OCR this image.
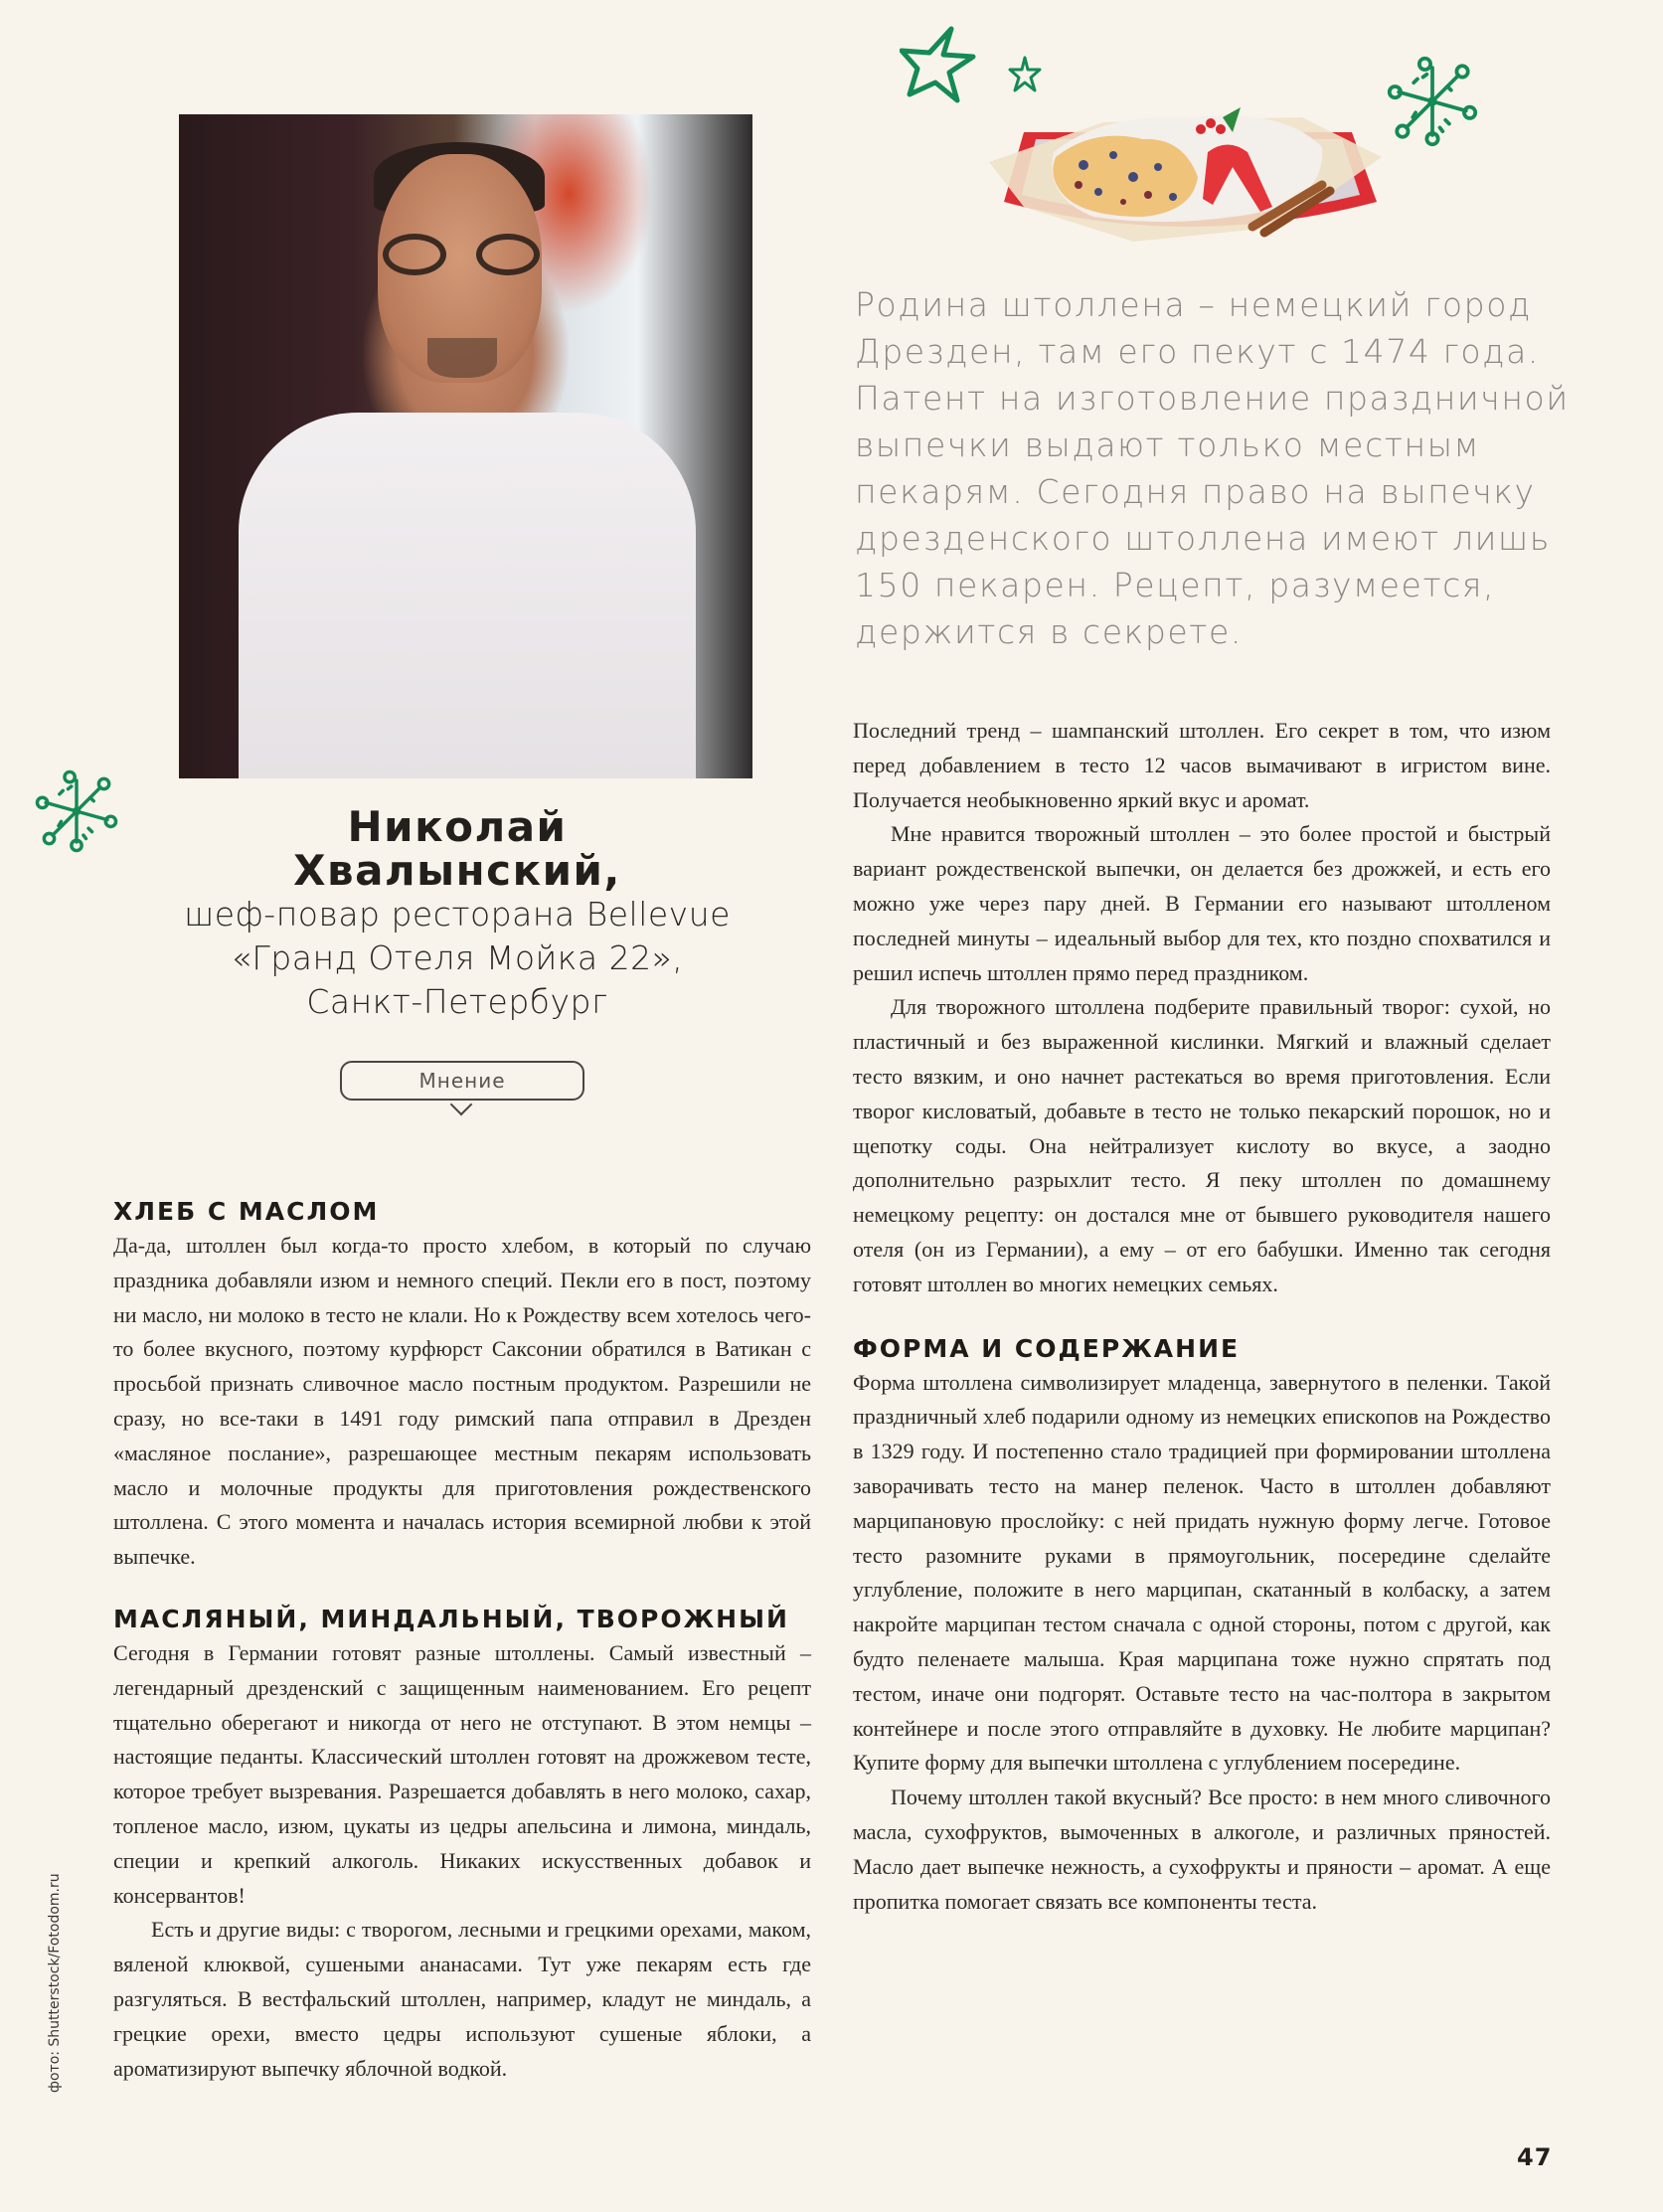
Родина штоллена – немецкий город
Дрезден, там его пекут с 1474 года.
Патент на изготовление праздничной
выпечки выдают только местным
пекарям. Сегодня право на выпечку
дрезденского штоллена имеют лишь
150 пекарен. Рецепт, разумеется,
держится в секрете.
Николай
Хвалынский,
шеф-повар ресторана Bellevue
«Гранд Отеля Мойка 22»,
Санкт-Петербург
Мнение
ХЛЕБ С МАСЛОМ

Да-да, штоллен был когда-то просто хлебом, в который по случаю праздника добавляли изюм и немного специй. Пекли его в пост, поэтому ни масло, ни молоко в тесто не клали. Но к Рождеству всем хотелось чего-то более вкусного, поэтому курфюрст Саксонии обратился в Ватикан с просьбой признать сливочное масло постным продуктом. Разрешили не сразу, но все-таки в 1491 году римский папа отправил в Дрезден «масляное послание», разрешающее местным пекарям использовать масло и молочные продукты для приготовления рождественского штоллена. С этого момента и началась история всемирной любви к этой выпечке.

МАСЛЯНЫЙ, МИНДАЛЬНЫЙ, ТВОРОЖНЫЙ

Сегодня в Германии готовят разные штоллены. Самый известный – легендарный дрезденский с защищенным наименованием. Его рецепт тщательно оберегают и никогда от него не отступают. В этом немцы – настоящие педанты. Классический штоллен готовят на дрожжевом тесте, которое требует вызревания. Разрешается добавлять в него молоко, сахар, топленое масло, изюм, цукаты из цедры апельсина и лимона, миндаль, специи и крепкий алкоголь. Никаких искусственных добавок и консервантов!

Есть и другие виды: с творогом, лесными и грецкими орехами, маком, вяленой клюквой, сушеными ананасами. Тут уже пекарям есть где разгуляться. В вестфальский штоллен, например, кладут не миндаль, а грецкие орехи, вместо цедры используют сушеные яблоки, а ароматизируют выпечку яблочной водкой.

Последний тренд – шампанский штоллен. Его секрет в том, что изюм перед добавлением в тесто 12 часов вымачивают в игристом вине. Получается необыкновенно яркий вкус и аромат.

Мне нравится творожный штоллен – это более простой и быстрый вариант рождественской выпечки, он делается без дрожжей, и есть его можно уже через пару дней. В Германии его называют штолленом последней минуты – идеальный выбор для тех, кто поздно спохватился и решил испечь штоллен прямо перед праздником.

Для творожного штоллена подберите правильный творог: сухой, но пластичный и без выраженной кислинки. Мягкий и влажный сделает тесто вязким, и оно начнет растекаться во время приготовления. Если творог кисловатый, добавьте в тесто не только пекарский порошок, но и щепотку соды. Она нейтрализует кислоту во вкусе, а заодно дополнительно разрыхлит тесто. Я пеку штоллен по домашнему немецкому рецепту: он достался мне от бывшего руководителя нашего отеля (он из Германии), а ему – от его бабушки. Именно так сегодня готовят штоллен во многих немецких семьях.

ФОРМА И СОДЕРЖАНИЕ

Форма штоллена символизирует младенца, завернутого в пеленки. Такой праздничный хлеб подарили одному из немецких епископов на Рождество в 1329 году. И постепенно стало традицией при формировании штоллена заворачивать тесто на манер пеленок. Часто в штоллен добавляют марципановую прослойку: с ней придать нужную форму легче. Готовое тесто разомните руками в прямоугольник, посередине сделайте углубление, положите в него марципан, скатанный в колбаску, а затем накройте марципан тестом сначала с одной стороны, потом с другой, как будто пеленаете малыша. Края марципана тоже нужно спрятать под тестом, иначе они подгорят. Оставьте тесто на час-полтора в закрытом контейнере и после этого отправляйте в духовку. Не любите марципан? Купите форму для выпечки штоллена с углублением посередине.

Почему штоллен такой вкусный? Все просто: в нем много сливочного масла, сухофруктов, вымоченных в алкоголе, и различных пряностей. Масло дает выпечке нежность, а сухофрукты и пряности – аромат. А еще пропитка помогает связать все компоненты теста.

фото: Shutterstock/Fotodom.ru
47
